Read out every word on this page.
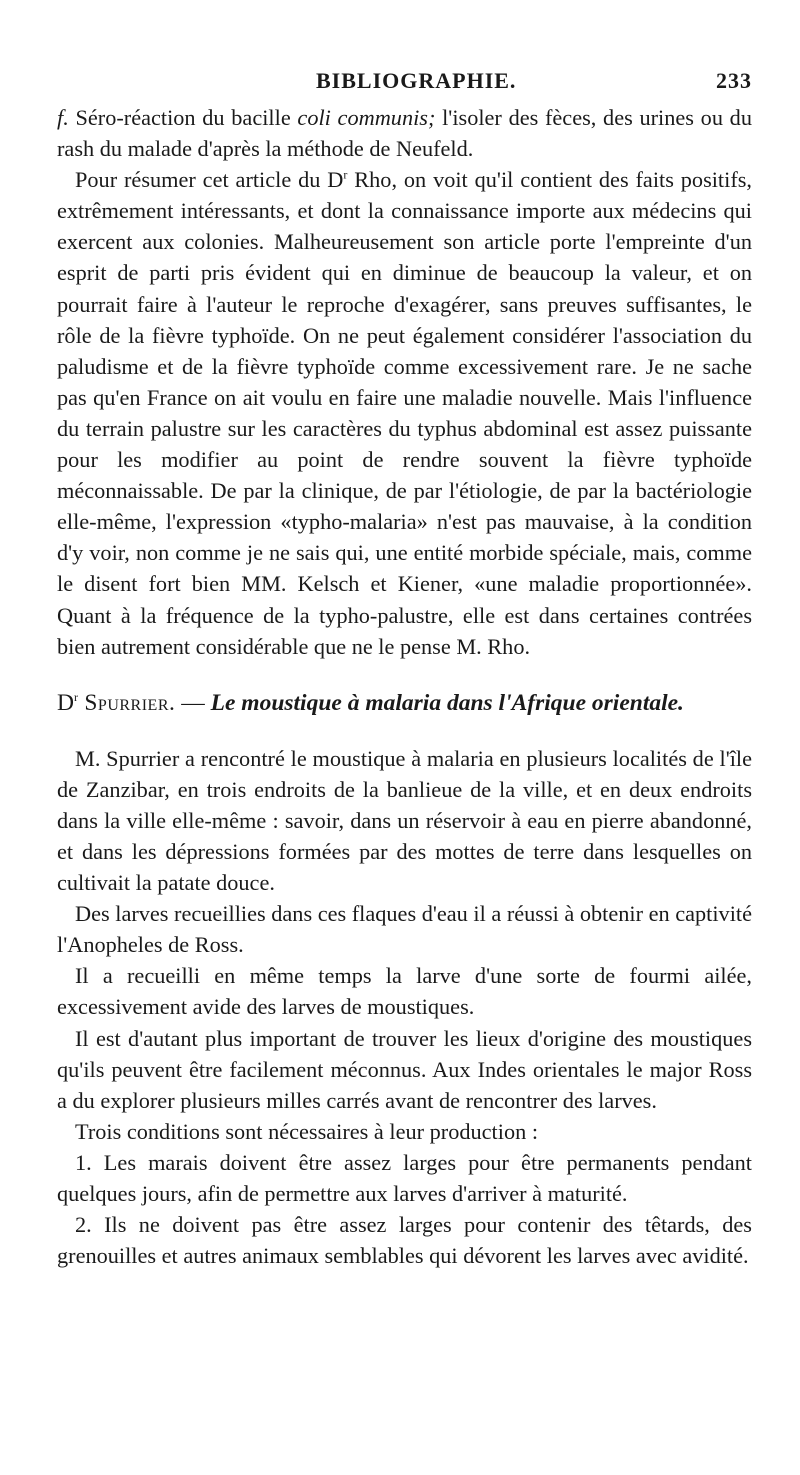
BIBLIOGRAPHIE.	233

f. Séro-réaction du bacille coli communis; l'isoler des fèces, des urines ou du rash du malade d'après la méthode de Neufeld.

Pour résumer cet article du $D^r$ Rho, on voit qu'il contient des faits positifs, extrêmement intéressants, et dont la connaissance importe aux médecins qui exercent aux colonies. Malheureusement son article porte l'empreinte d'un esprit de parti pris évident qui en diminue de beaucoup la valeur, et on pourrait faire à l'auteur le reproche d'exagérer, sans preuves suffisantes, le rôle de la fièvre typhoïde. On ne peut également considérer l'association du paludisme et de la fièvre typhoïde comme excessivement rare. Je ne sache pas qu'en France on ait voulu en faire une maladie nouvelle. Mais l'influence du terrain palustre sur les caractères du typhus abdominal est assez puissante pour les modifier au point de rendre souvent la fièvre typhoïde méconnaissable. De par la clinique, de par l'étiologie, de par la bactériologie elle-même, l'expression «typho-malaria» n'est pas mauvaise, à la condition d'y voir, non comme je ne sais qui, une entité morbide spéciale, mais, comme le disent fort bien MM. Kelsch et Kiener, «une maladie proportionnée». Quant à la fréquence de la typho-palustre, elle est dans certaines contrées bien autrement considérable que ne le pense M. Rho.

$D^r$ Spurrier. — Le moustique à malaria dans l'Afrique orientale.

M. Spurrier a rencontré le moustique à malaria en plusieurs localités de l'île de Zanzibar, en trois endroits de la banlieue de la ville, et en deux endroits dans la ville elle-même : savoir, dans un réservoir à eau en pierre abandonné, et dans les dépressions formées par des mottes de terre dans lesquelles on cultivait la patate douce.

Des larves recueillies dans ces flaques d'eau il a réussi à obtenir en captivité l'Anopheles de Ross.

Il a recueilli en même temps la larve d'une sorte de fourmi ailée, excessivement avide des larves de moustiques.

Il est d'autant plus important de trouver les lieux d'origine des moustiques qu'ils peuvent être facilement méconnus. Aux Indes orientales le major Ross a du explorer plusieurs milles carrés avant de rencontrer des larves.

Trois conditions sont nécessaires à leur production :

1. Les marais doivent être assez larges pour être permanents pendant quelques jours, afin de permettre aux larves d'arriver à maturité.

2. Ils ne doivent pas être assez larges pour contenir des têtards, des grenouilles et autres animaux semblables qui dévorent les larves avec avidité.
